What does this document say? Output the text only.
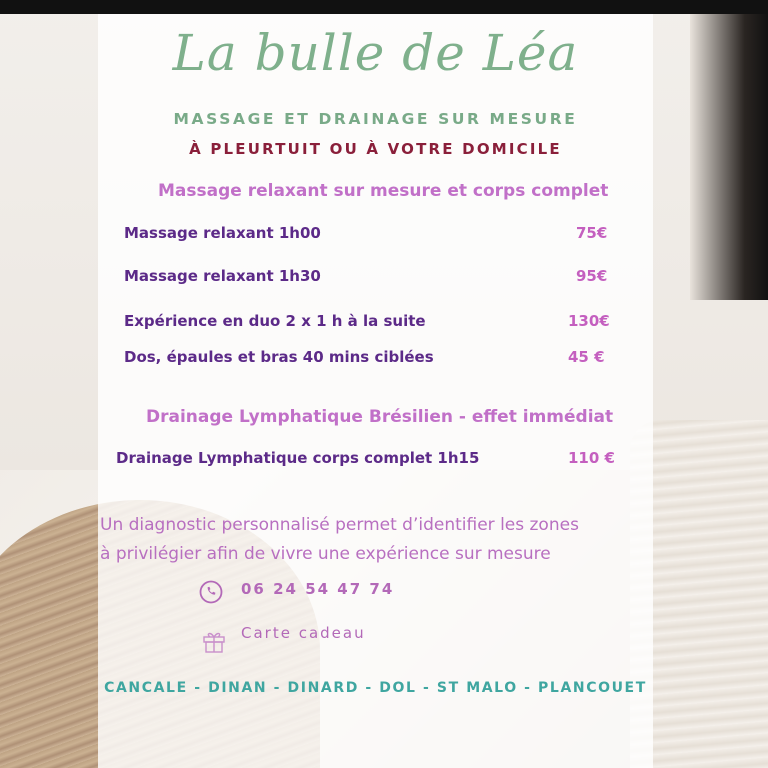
La bulle de Léa
MASSAGE ET DRAINAGE SUR MESURE
À PLEURTUIT OU À VOTRE DOMICILE
Massage relaxant sur mesure et corps complet
Massage relaxant 1h00	75€
Massage relaxant 1h30	95€
Expérience en duo 2 x 1 h à la suite	130€
Dos, épaules et bras 40 mins ciblées	45 €
Drainage Lymphatique Brésilien - effet immédiat
Drainage Lymphatique corps complet 1h15	110 €
Un diagnostic personnalisé permet d’identifier les zones
à privilégier afin de vivre une expérience sur mesure
06 24 54 47 74
Carte cadeau
CANCALE - DINAN - DINARD - DOL - ST MALO - PLANCOUET
